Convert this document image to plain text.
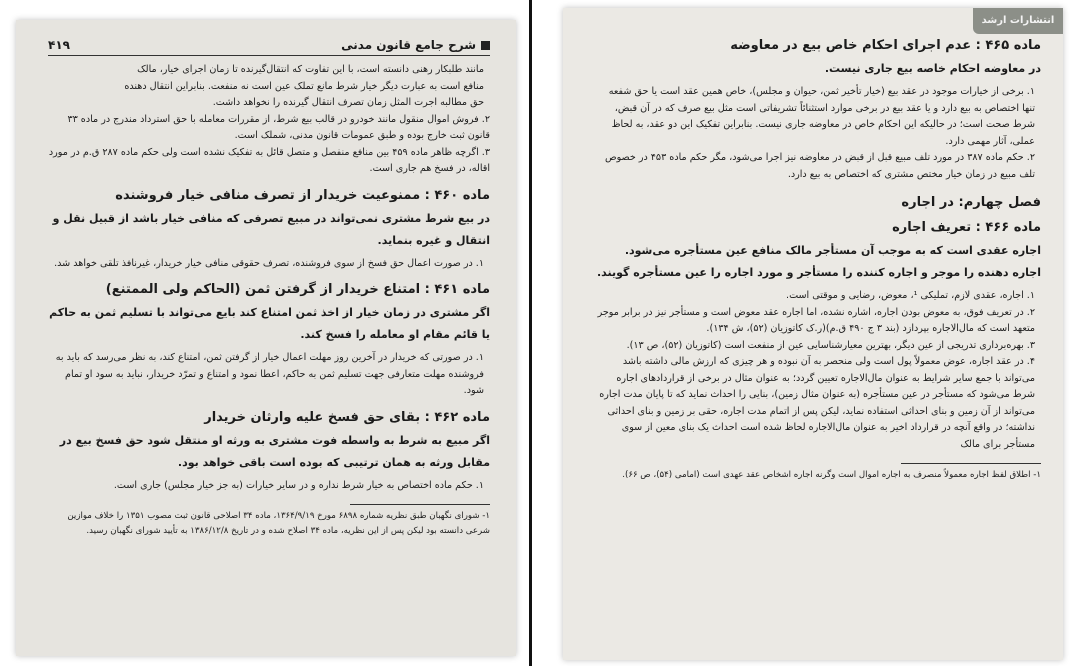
شرح جامع قانون مدنی
۴۱۹

مانند طلبکار رهنی دانسته است، با این تفاوت که انتقال‌گیرنده تا زمان اجرای خیار، مالک

منافع است به عبارت دیگر خیار شرط مانع تملک عین است نه منفعت. بنابراین انتقال دهنده

حق مطالبه اجرت المثل زمان تصرف انتقال گیرنده را نخواهد داشت.

۲. فروش اموال منقول مانند خودرو در قالب بیع شرط، از مقررات معامله با حق استرداد مندرج در ماده ۳۳ قانون ثبت خارج بوده و طبق عمومات قانون مدنی، شملک است.

۳. اگرچه ظاهر ماده ۴۵۹ بین منافع منفصل و متصل قائل به تفکیک نشده است ولی حکم ماده ۲۸۷ ق.م در مورد اقاله، در فسخ هم جاری است.

ماده ۴۶۰ : ممنوعیت خریدار از تصرف منافی خیار فروشنده

در بیع شرط مشتری نمی‌تواند در مبیع تصرفی که منافی خیار باشد از قبیل نقل و انتقال و غیره بنماید.

۱. در صورت اعمال حق فسخ از سوی فروشنده، تصرف حقوقی منافی خیار خریدار، غیرنافذ تلقی خواهد شد.

ماده ۴۶۱ : امتناع خریدار از گرفتن ثمن (الحاکم ولی الممتنع)

اگر مشتری در زمان خیار از اخذ ثمن امتناع کند بایع می‌تواند با تسلیم ثمن به حاکم یا قائم مقام او معامله را فسخ کند.

۱. در صورتی که خریدار در آخرین روز مهلت اعمال خیار از گرفتن ثمن، امتناع کند، به نظر می‌رسد که باید به فروشنده مهلت متعارفی جهت تسلیم ثمن به حاکم، اعطا نمود و امتناع و تمرّد خریدار، نباید به سود او تمام شود.

ماده ۴۶۲ : بقای حق فسخ علیه وارثان خریدار

اگر مبیع به شرط به واسطه فوت مشتری به ورثه او منتقل شود حق فسخ بیع در مقابل ورثه به همان ترتیبی که بوده است باقی خواهد بود.

۱. حکم ماده اختصاص به خیار شرط نداره و در سایر خیارات (به جز خیار مجلس) جاری است.

۱- شورای نگهبان طبق نظریه شماره ۶۸۹۸ مورخ ۱۳۶۴/۹/۱۹، ماده ۳۴ اصلاحی قانون ثبت مصوب ۱۳۵۱ را خلاف موازین شرعی دانسته بود لیکن پس از این نظریه، ماده ۳۴ اصلاح شده و در تاریخ ۱۳۸۶/۱۲/۸ به تأیید شورای نگهبان رسید.

انتشارات ارشد
ماده ۴۶۵ : عدم اجرای احکام خاص بیع در معاوضه

در معاوضه احکام خاصه بیع جاری نیست.

۱. برخی از خیارات موجود در عقد بیع (خیار تأخیر ثمن، حیوان و مجلس)، خاص همین عقد است یا حق شفعه تنها اختصاص به بیع دارد و یا عقد بیع در برخی موارد استثنائاً تشریفاتی است مثل بیع صرف که در آن قبض، شرط صحت است؛ در حالیکه این احکام خاص در معاوضه جاری نیست. بنابراین تفکیک این دو عقد، به لحاظ عملی، آثار مهمی دارد.

۲. حکم ماده ۳۸۷ در مورد تلف مبیع قبل از قبض در معاوضه نیز اجرا می‌شود، مگر حکم ماده ۴۵۳ در خصوص تلف مبیع در زمان خیار مختص مشتری که اختصاص به بیع دارد.

فصل چهارم: در اجاره
ماده ۴۶۶ : تعریف اجاره

اجاره عقدی است که به موجب آن مستأجر مالک منافع عین مستأجره می‌شود. اجاره دهنده را موجر و اجاره کننده را مستأجر و مورد اجاره را عین مستأجره گویند.

۱. اجاره، عقدی لازم، تملیکی ¹، معوض، رضایی و موقتی است.

۲. در تعریف فوق، به معوض بودن اجاره، اشاره نشده، اما اجاره عقد معوض است و مستأجر نیز در برابر موجر متعهد است که مال‌الاجاره بپردازد (بند ۳ ج ۴۹۰ ق.م)(ر.ک کاتوزیان (۵۲)، ش ۱۳۴).

۳. بهره‌برداری تدریجی از عین دیگر، بهترین معیارشناسایی عین از منفعت است (کاتوزیان (۵۲)، ص ۱۳).

۴. در عقد اجاره، عوض معمولاً پول است ولی منحصر به آن نبوده و هر چیزی که ارزش مالی داشته باشد می‌تواند با جمع سایر شرایط به عنوان مال‌الاجاره تعیین گردد؛ به عنوان مثال در برخی از قراردادهای اجاره شرط می‌شود که مستأجر در عین مستأجره (به عنوان مثال زمین)، بنایی را احداث نماید که تا پایان مدت اجاره می‌تواند از آن زمین و بنای احداثی استفاده نماید، لیکن پس از اتمام مدت اجاره، حقی بر زمین و بنای احداثی نداشته؛ در واقع آنچه در قرارداد اخیر به عنوان مال‌الاجاره لحاظ شده است احداث یک بنای معین از سوی مستأجر برای مالک

۱- اطلاق لفظ اجاره معمولاً منصرف به اجاره اموال است وگرنه اجاره اشخاص عقد عهدی است (امامی (۵۴)، ص ۶۶).
